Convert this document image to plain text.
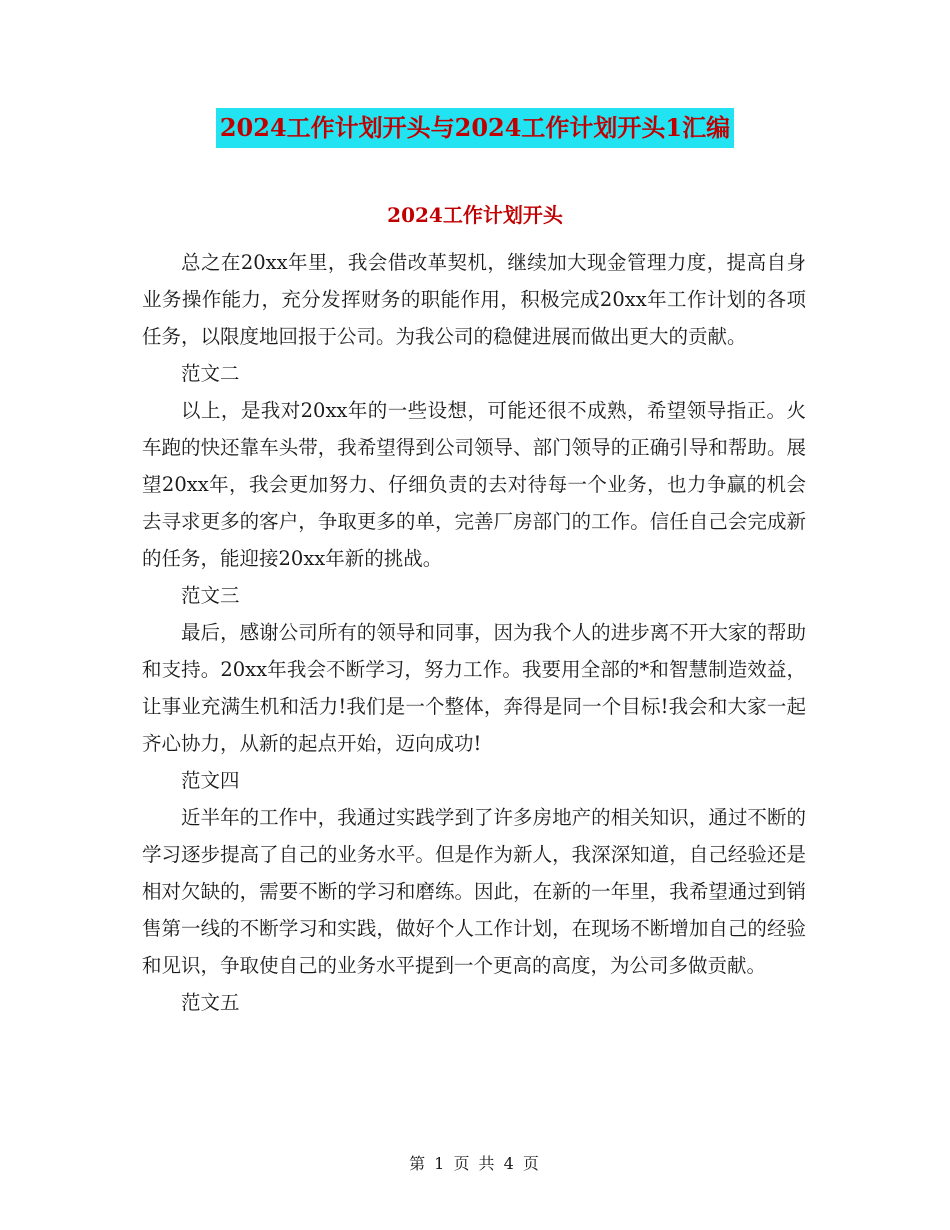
2024工作计划开头与2024工作计划开头1汇编
2024工作计划开头

总之在20xx年里，我会借改革契机，继续加大现金管理力度，提高自身业务操作能力，充分发挥财务的职能作用，积极完成20xx年工作计划的各项任务，以限度地回报于公司。为我公司的稳健进展而做出更大的贡献。

范文二

以上，是我对20xx年的一些设想，可能还很不成熟，希望领导指正。火车跑的快还靠车头带，我希望得到公司领导、部门领导的正确引导和帮助。展望20xx年，我会更加努力、仔细负责的去对待每一个业务，也力争赢的机会去寻求更多的客户，争取更多的单，完善厂房部门的工作。信任自己会完成新的任务，能迎接20xx年新的挑战。

范文三

最后，感谢公司所有的领导和同事，因为我个人的进步离不开大家的帮助和支持。20xx年我会不断学习，努力工作。我要用全部的*和智慧制造效益，让事业充满生机和活力!我们是一个整体，奔得是同一个目标!我会和大家一起齐心协力，从新的起点开始，迈向成功!

范文四

近半年的工作中，我通过实践学到了许多房地产的相关知识，通过不断的学习逐步提高了自己的业务水平。但是作为新人，我深深知道，自己经验还是相对欠缺的，需要不断的学习和磨练。因此，在新的一年里，我希望通过到销售第一线的不断学习和实践，做好个人工作计划，在现场不断增加自己的经验和见识，争取使自己的业务水平提到一个更高的高度，为公司多做贡献。

范文五

第 1 页 共 4 页
